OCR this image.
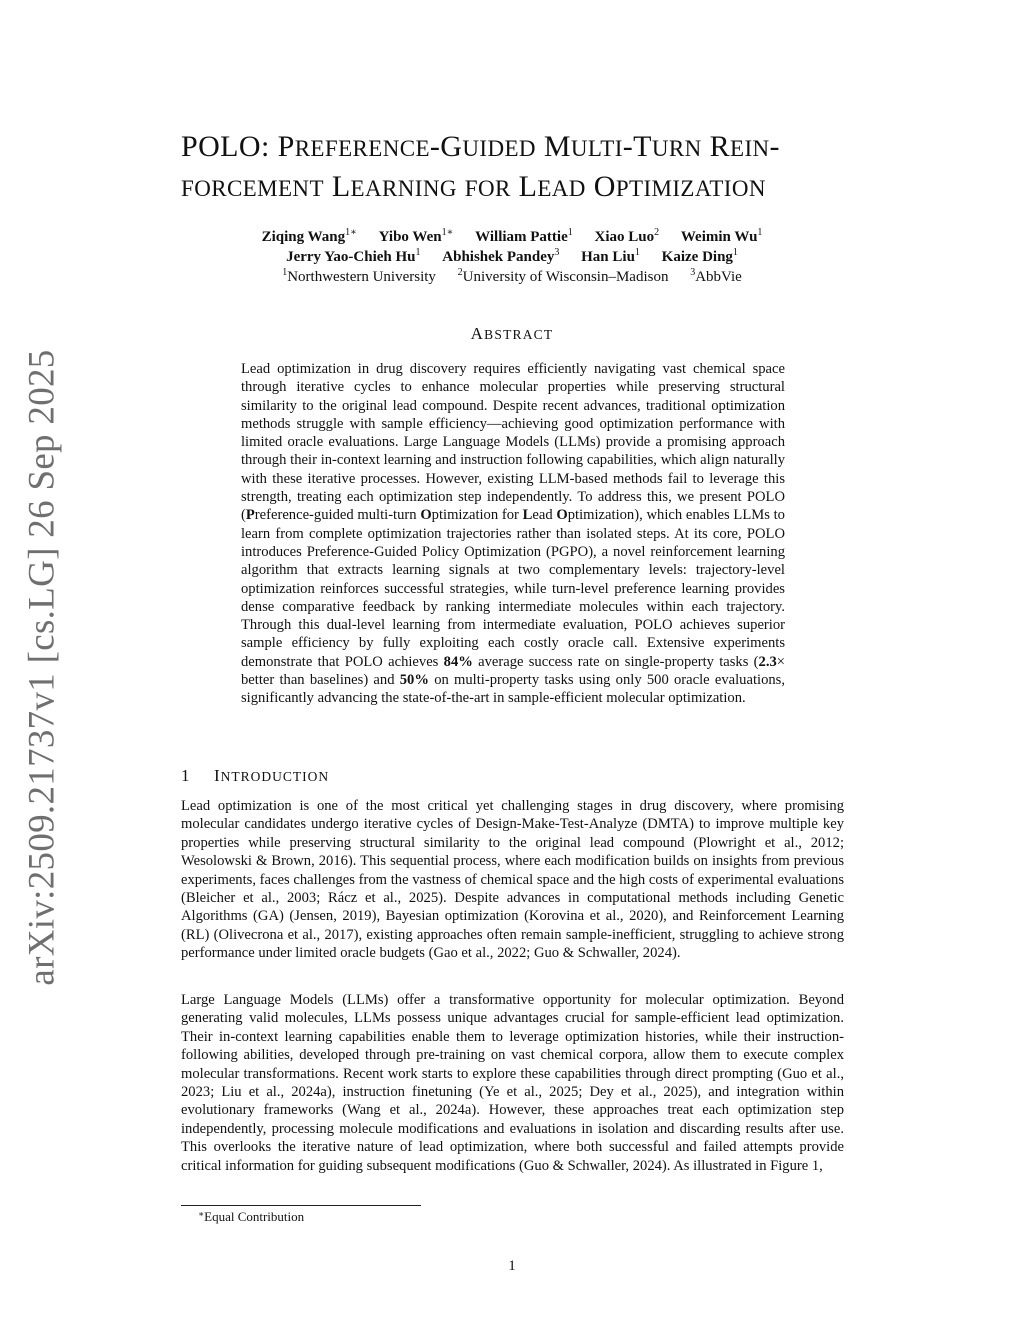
arXiv:2509.21737v1 [cs.LG] 26 Sep 2025
POLO: PREFERENCE-GUIDED MULTI-TURN REIN-
FORCEMENT LEARNING FOR LEAD OPTIMIZATION
Ziqing Wang$^{1∗}$ Yibo Wen$^{1∗}$ William Pattie$^1$ Xiao Luo$^2$ Weimin Wu$^1$
Jerry Yao-Chieh Hu$^1$ Abhishek Pandey$^3$ Han Liu$^1$ Kaize Ding$^1$
$^1$Northwestern University $^2$University of Wisconsin–Madison $^3$AbbVie
ABSTRACT

Lead optimization in drug discovery requires efficiently navigating vast chemical space through iterative cycles to enhance molecular properties while preserving structural similarity to the original lead compound. Despite recent advances, traditional optimization methods struggle with sample efficiency—achieving good optimization performance with limited oracle evaluations. Large Language Models (LLMs) provide a promising approach through their in-context learning and instruction following capabilities, which align naturally with these iterative processes. However, existing LLM-based methods fail to leverage this strength, treating each optimization step independently. To address this, we present POLO (Preference-guided multi-turn Optimization for Lead Optimization), which enables LLMs to learn from complete optimization trajectories rather than isolated steps. At its core, POLO introduces Preference-Guided Policy Optimization (PGPO), a novel reinforcement learning algorithm that extracts learning signals at two complementary levels: trajectory-level optimization reinforces successful strategies, while turn-level preference learning provides dense comparative feedback by ranking intermediate molecules within each trajectory. Through this dual-level learning from intermediate evaluation, POLO achieves superior sample efficiency by fully exploiting each costly oracle call. Extensive experiments demonstrate that POLO achieves 84% average success rate on single-property tasks (2.3× better than baselines) and 50% on multi-property tasks using only 500 oracle evaluations, significantly advancing the state-of-the-art in sample-efficient molecular optimization.

1 INTRODUCTION

Lead optimization is one of the most critical yet challenging stages in drug discovery, where promising molecular candidates undergo iterative cycles of Design-Make-Test-Analyze (DMTA) to improve multiple key properties while preserving structural similarity to the original lead compound (Plowright et al., 2012; Wesolowski & Brown, 2016). This sequential process, where each modification builds on insights from previous experiments, faces challenges from the vastness of chemical space and the high costs of experimental evaluations (Bleicher et al., 2003; Rácz et al., 2025). Despite advances in computational methods including Genetic Algorithms (GA) (Jensen, 2019), Bayesian optimization (Korovina et al., 2020), and Reinforcement Learning (RL) (Olivecrona et al., 2017), existing approaches often remain sample-inefficient, struggling to achieve strong performance under limited oracle budgets (Gao et al., 2022; Guo & Schwaller, 2024).

Large Language Models (LLMs) offer a transformative opportunity for molecular optimization. Beyond generating valid molecules, LLMs possess unique advantages crucial for sample-efficient lead optimization. Their in-context learning capabilities enable them to leverage optimization histories, while their instruction-following abilities, developed through pre-training on vast chemical corpora, allow them to execute complex molecular transformations. Recent work starts to explore these capabilities through direct prompting (Guo et al., 2023; Liu et al., 2024a), instruction finetuning (Ye et al., 2025; Dey et al., 2025), and integration within evolutionary frameworks (Wang et al., 2024a). However, these approaches treat each optimization step independently, processing molecule modifications and evaluations in isolation and discarding results after use. This overlooks the iterative nature of lead optimization, where both successful and failed attempts provide critical information for guiding subsequent modifications (Guo & Schwaller, 2024). As illustrated in Figure 1,

∗Equal Contribution
1
